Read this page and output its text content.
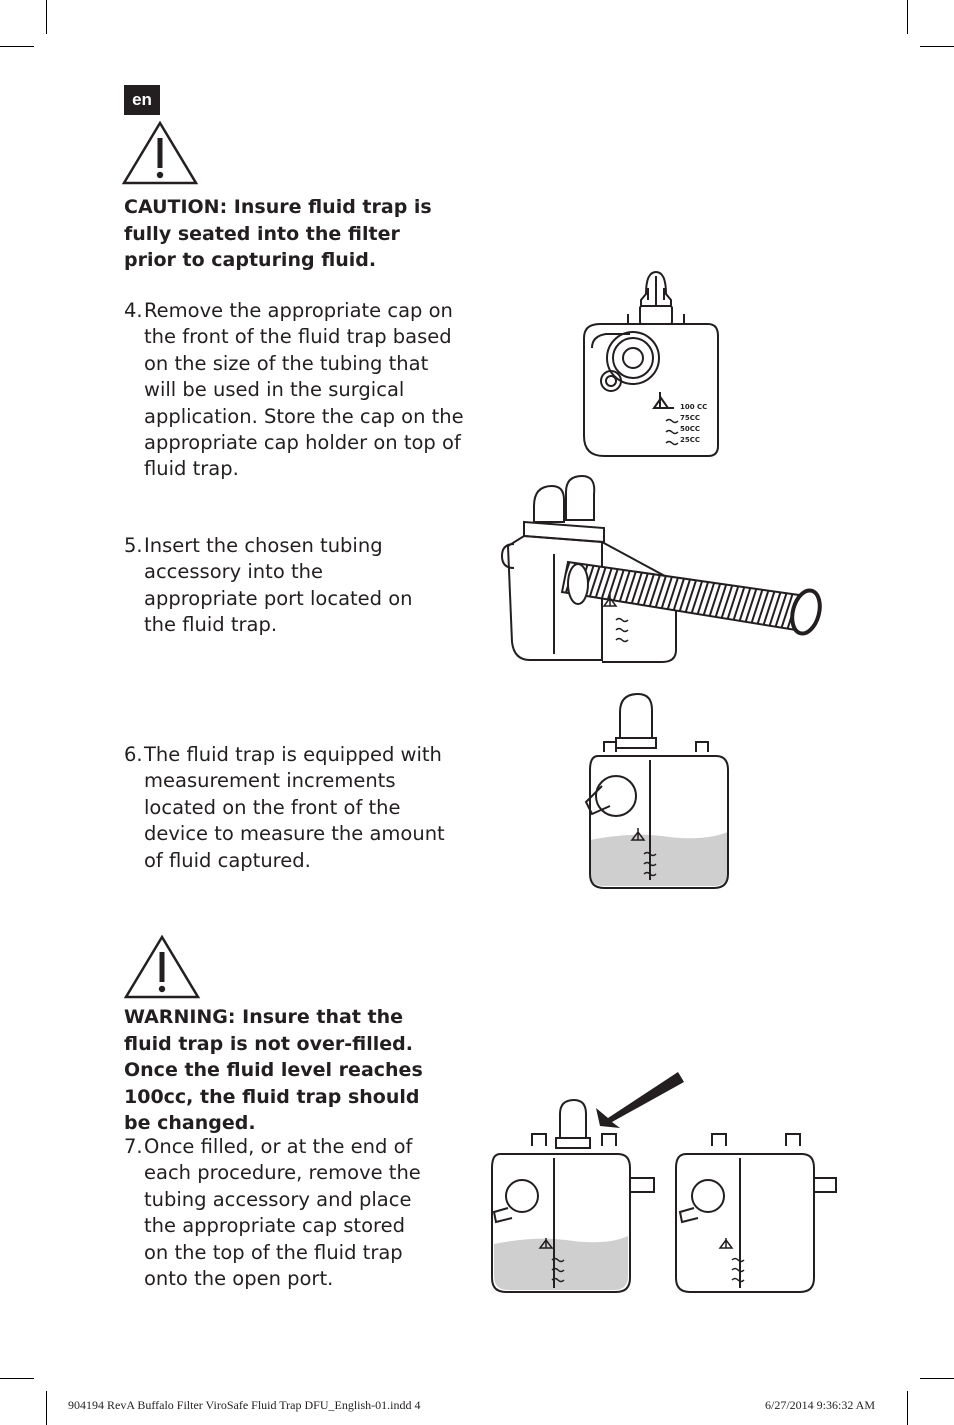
en
CAUTION: Insure fluid trap is fully seated into the filter prior to capturing fluid.
4. Remove the appropriate cap on the front of the fluid trap based on the size of the tubing that will be used in the surgical application. Store the cap on the appropriate cap holder on top of fluid trap.
5. Insert the chosen tubing accessory into the appropriate port located on the fluid trap.
6. The fluid trap is equipped with measurement increments located on the front of the device to measure the amount of fluid captured.
WARNING: Insure that the fluid trap is not over-filled. Once the fluid level reaches 100cc, the fluid trap should be changed.
7. Once filled, or at the end of each procedure, remove the tubing accessory and place the appropriate cap stored on the top of the fluid trap onto the open port.
100 CC
75CC
50CC
25CC
904194 RevA Buffalo Filter ViroSafe Fluid Trap DFU_English-01.indd 4	6/27/2014 9:36:32 AM
